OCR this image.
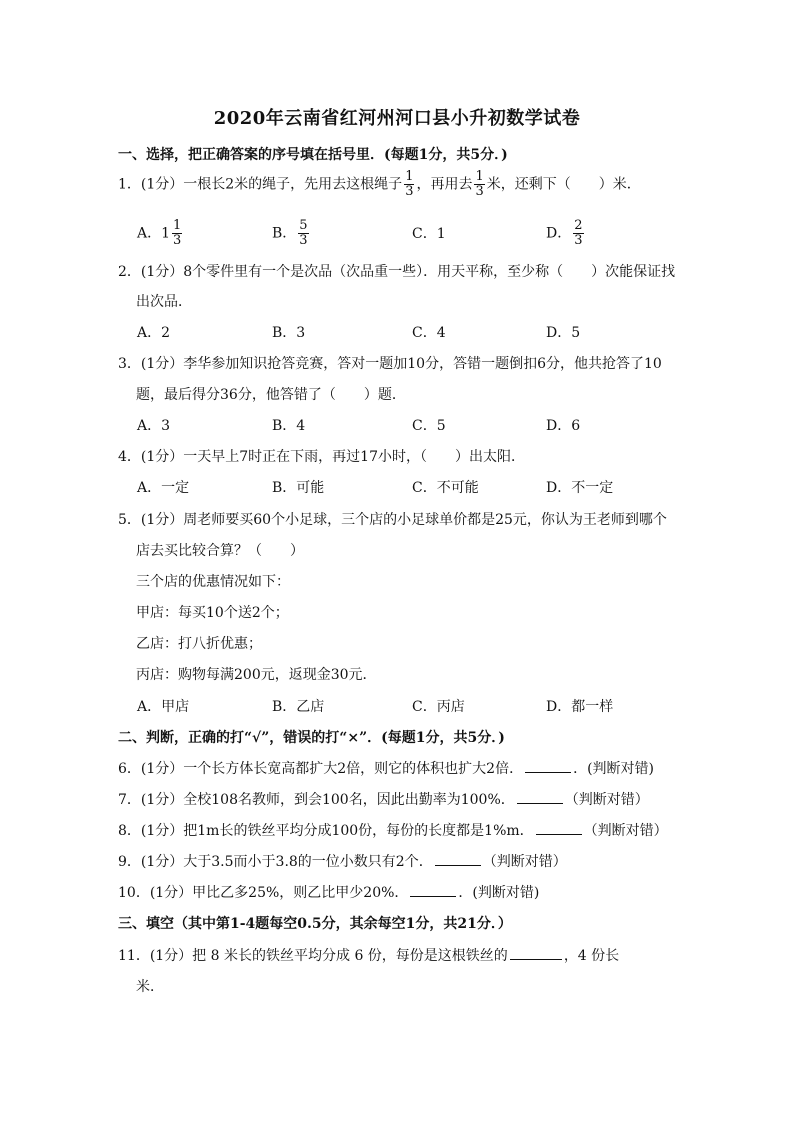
2020年云南省红河州河口县小升初数学试卷
一、选择，把正确答案的序号填在括号里．(每题1分，共5分．)
1．(1分）一根长2米的绳子，先用去这根绳子 $\frac{1}{3}$ ，再用去 $\frac{1}{3}$ 米，还剩下（　　）米．
A．$1 \frac{1}{3}$	B． $\frac{5}{3}$	C．1	D． $\frac{2}{3}$
2．(1分）8个零件里有一个是次品（次品重一些）．用天平称，至少称（　　）次能保证找
出次品．
A．2	B．3	C．4	D．5
3．(1分）李华参加知识抢答竞赛，答对一题加10分，答错一题倒扣6分，他共抢答了10
题，最后得分36分，他答错了（　　）题．
A．3	B．4	C．5	D．6
4．(1分）一天早上7时正在下雨，再过17小时，（　　）出太阳．
A．一定	B．可能	C．不可能	D．不一定
5．(1分）周老师要买60个小足球，三个店的小足球单价都是25元，你认为王老师到哪个
店去买比较合算？（　　）
三个店的优惠情况如下：
甲店：每买10个送2个；
乙店：打八折优惠；
丙店：购物每满200元，返现金30元．
A．甲店	B．乙店	C．丙店	D．都一样
二、判断，正确的打“√”，错误的打“×”．(每题1分，共5分．)
6．(1分）一个长方体长宽高都扩大2倍，则它的体积也扩大2倍．	．(判断对错)
7．(1分）全校108名教师，到会100名，因此出勤率为100%．	（判断对错）
8．(1分）把1m长的铁丝平均分成100份，每份的长度都是1%m．	（判断对错）
9．(1分）大于3.5而小于3.8的一位小数只有2个．	（判断对错）
10．(1分）甲比乙多25%，则乙比甲少20%．	．(判断对错)
三、填空（其中第1-4题每空0.5分，其余每空1分，共21分．）
11．(1分）把 8 米长的铁丝平均分成 6 份，每份是这根铁丝的	，4 份长
米．
